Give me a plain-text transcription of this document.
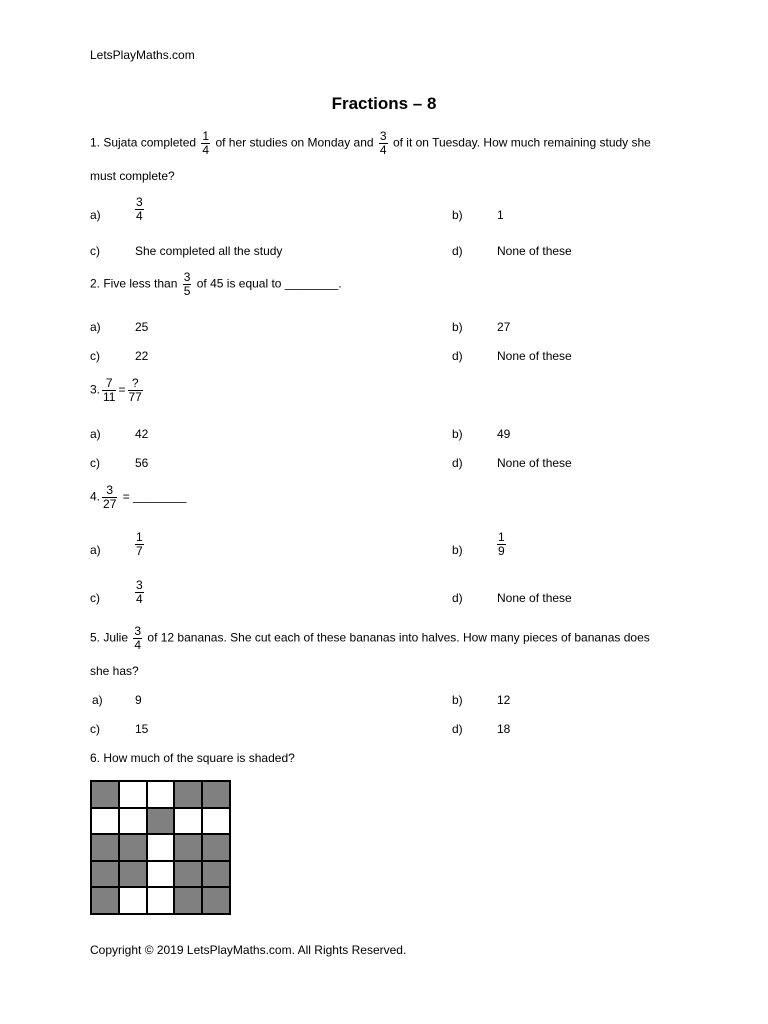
LetsPlayMaths.com
Fractions – 8
1. Sujata completed $\frac{1}{4}$ of her studies on Monday and $\frac{3}{4}$ of it on Tuesday. How much remaining study she
must complete?
a)	$\frac{3}{4}$	b)	1
c)	She completed all the study	d)	None of these
2. Five less than $\frac{3}{5}$ of 45 is equal to ________.
a)	25	b)	27
c)	22	d)	None of these
3. $\frac{7}{11} = \frac{?}{77}$
a)	42	b)	49
c)	56	d)	None of these
4. $\frac{3}{27}$ = ________
a)	$\frac{1}{7}$	b)	$\frac{1}{9}$
c)	$\frac{3}{4}$	d)	None of these
5. Julie $\frac{3}{4}$ of 12 bananas. She cut each of these bananas into halves. How many pieces of bananas does
she has?
a)	9	b)	12
c)	15	d)	18
6. How much of the square is shaded?
Copyright © 2019 LetsPlayMaths.com. All Rights Reserved.
